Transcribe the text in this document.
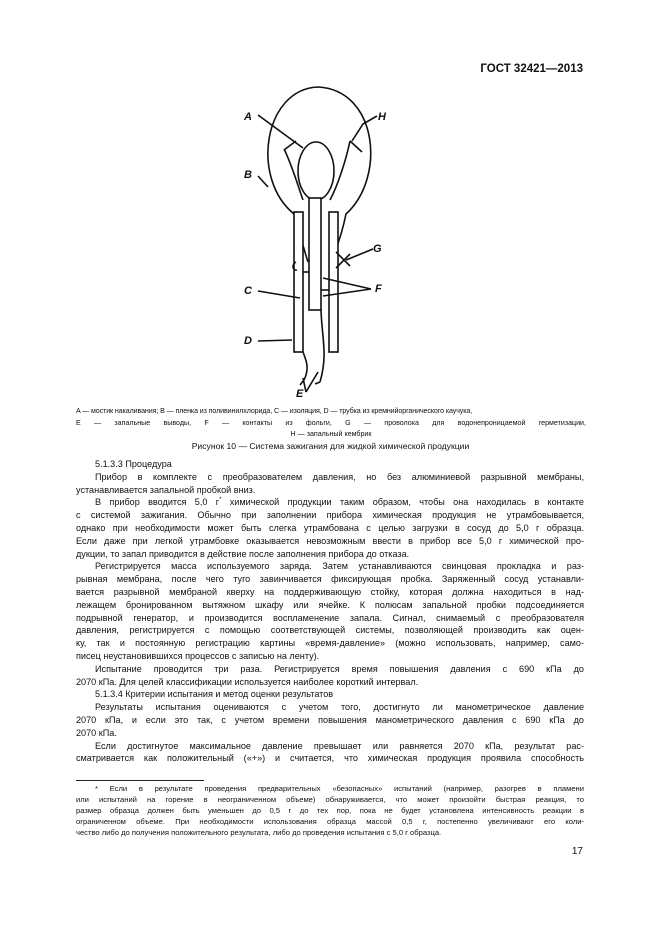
ГОСТ 32421—2013
A	H
B
G
C	F
D
E
A — мостик накаливания; B — пленка из поливинилхлорида, C — изоляция, D — трубка из кремнийорганического каучука,
E — запальные выводы, F — контакты из фольги, G — проволока для водонепроницаемой герметизации,
H — запальный кембрик
Рисунок 10 — Система зажигания для жидкой химической продукции

5.1.3.3 Процедура

Прибор в комплекте с преобразователем давления, но без алюминиевой разрывной мембраны,

устанавливается запальной пробкой вниз.

В прибор вводится 5,0 г* химической продукции таким образом, чтобы она находилась в контакте

с системой зажигания. Обычно при заполнении прибора химическая продукция не утрамбовывается,

однако при необходимости может быть слегка утрамбована с целью загрузки в сосуд до 5,0 г образца.

Если даже при легкой утрамбовке оказывается невозможным ввести в прибор все 5,0 г химической про-

дукции, то запал приводится в действие после заполнения прибора до отказа.

Регистрируется масса используемого заряда. Затем устанавливаются свинцовая прокладка и раз-

рывная мембрана, после чего туго завинчивается фиксирующая пробка. Заряженный сосуд устанавли-

вается разрывной мембраной кверху на поддерживающую стойку, которая должна находиться в над-

лежащем бронированном вытяжном шкафу или ячейке. К полюсам запальной пробки подсоединяется

подрывной генератор, и производится воспламенение запала. Сигнал, снимаемый с преобразователя

давления, регистрируется с помощью соответствующей системы, позволяющей производить как оцен-

ку, так и постоянную регистрацию картины «время-давление» (можно использовать, например, само-

писец неустановившихся процессов с записью на ленту).

Испытание проводится три раза. Регистрируется время повышения давления с 690 кПа до

2070 кПа. Для целей классификации используется наиболее короткий интервал.

5.1.3.4 Критерии испытания и метод оценки результатов

Результаты испытания оцениваются с учетом того, достигнуто ли манометрическое давление

2070 кПа, и если это так, с учетом времени повышения манометрического давления с 690 кПа до

2070 кПа.

Если достигнутое максимальное давление превышает или равняется 2070 кПа, результат рас-

сматривается как положительный («+») и считается, что химическая продукция проявила способность

* Если в результате проведения предварительных «безопасных» испытаний (например, разогрев в пламени

или испытаний на горение в неограниченном объеме) обнаруживается, что может произойти быстрая реакция, то

размер образца должен быть уменьшен до 0,5 г до тех пор, пока не будет установлена интенсивность реакции в

ограниченном объеме. При необходимости использования образца массой 0,5 г, постепенно увеличивают его коли-

чество либо до получения положительного результата, либо до проведения испытания с 5,0 г образца.

17
